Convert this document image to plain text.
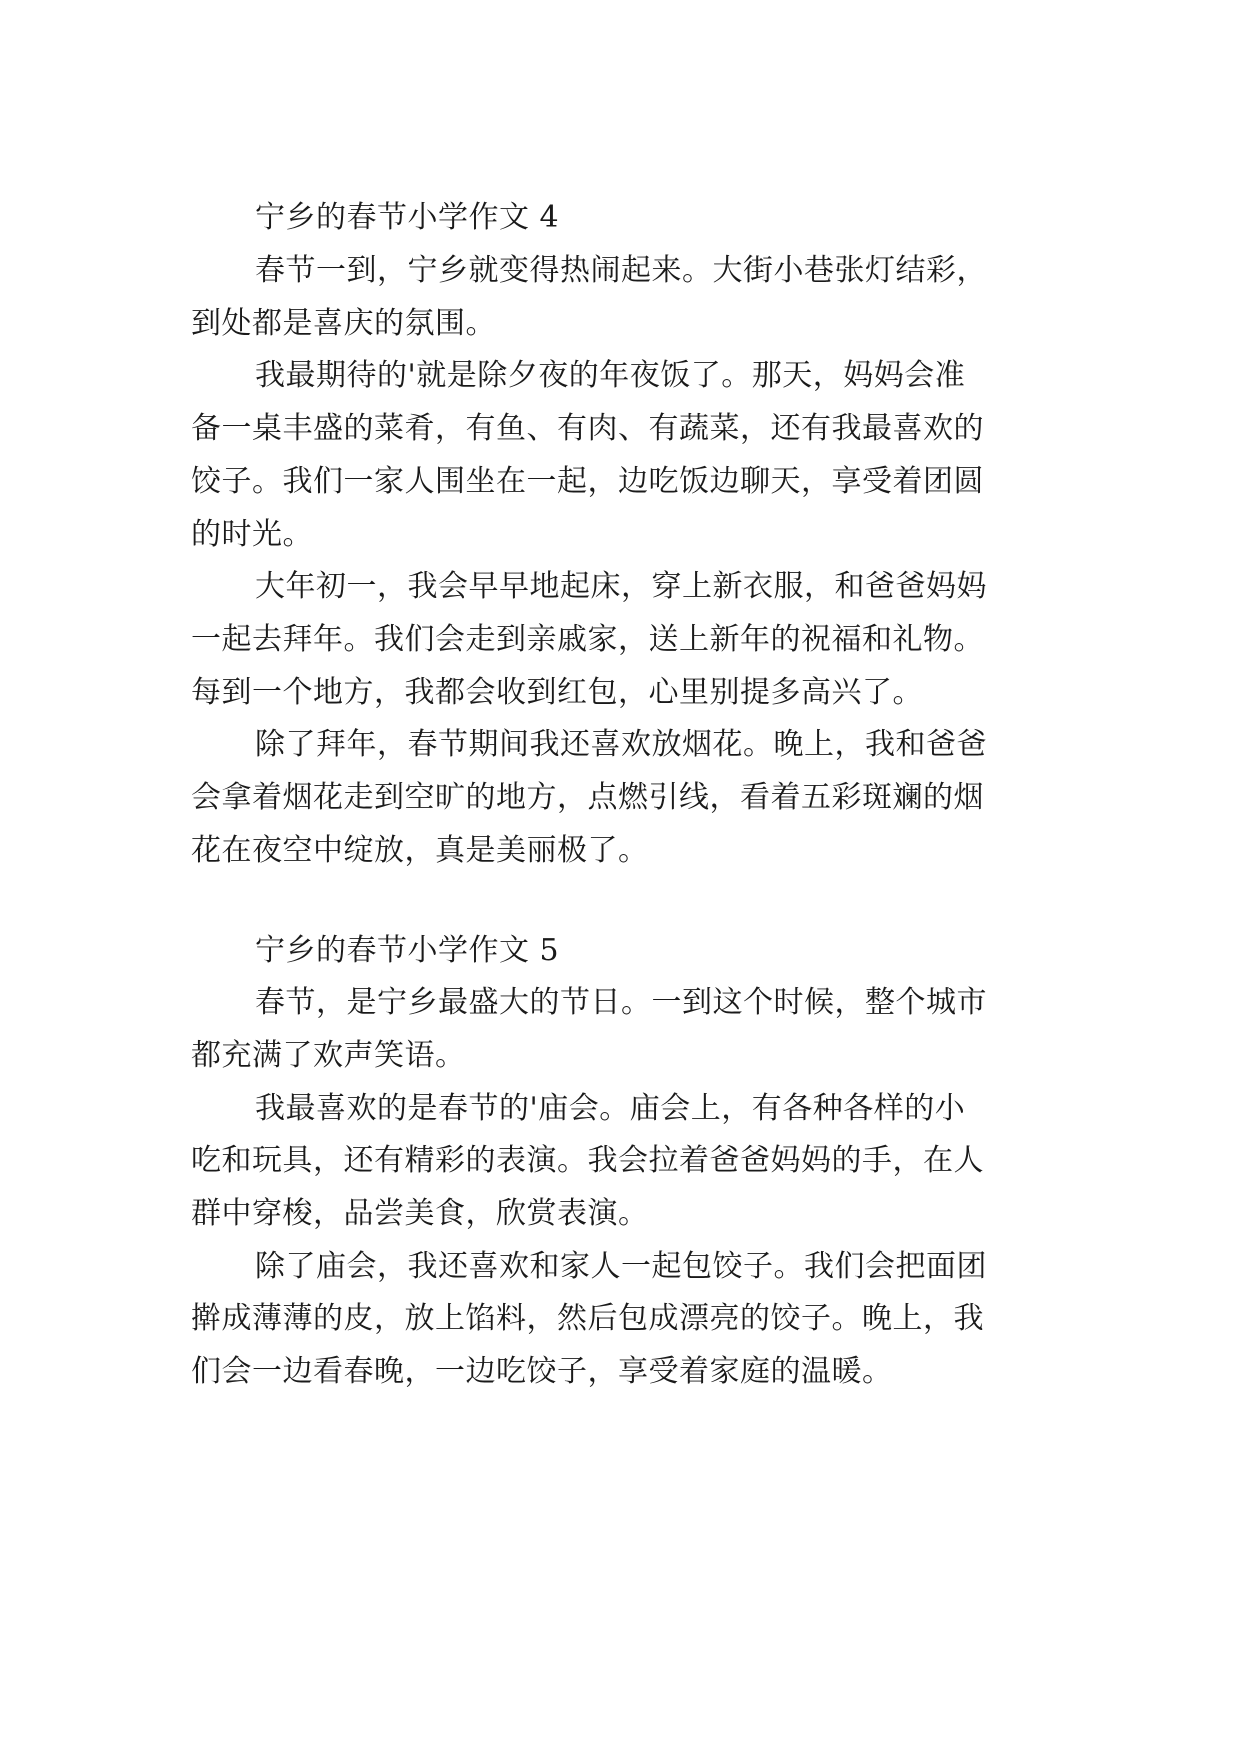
宁乡的春节小学作文 4
春节一到，宁乡就变得热闹起来。大街小巷张灯结彩，
到处都是喜庆的氛围。
我最期待的'就是除夕夜的年夜饭了。那天，妈妈会准
备一桌丰盛的菜肴，有鱼、有肉、有蔬菜，还有我最喜欢的
饺子。我们一家人围坐在一起，边吃饭边聊天，享受着团圆
的时光。
大年初一，我会早早地起床，穿上新衣服，和爸爸妈妈
一起去拜年。我们会走到亲戚家，送上新年的祝福和礼物。
每到一个地方，我都会收到红包，心里别提多高兴了。
除了拜年，春节期间我还喜欢放烟花。晚上，我和爸爸
会拿着烟花走到空旷的地方，点燃引线，看着五彩斑斓的烟
花在夜空中绽放，真是美丽极了。
宁乡的春节小学作文 5
春节，是宁乡最盛大的节日。一到这个时候，整个城市
都充满了欢声笑语。
我最喜欢的是春节的'庙会。庙会上，有各种各样的小
吃和玩具，还有精彩的表演。我会拉着爸爸妈妈的手，在人
群中穿梭，品尝美食，欣赏表演。
除了庙会，我还喜欢和家人一起包饺子。我们会把面团
擀成薄薄的皮，放上馅料，然后包成漂亮的饺子。晚上，我
们会一边看春晚，一边吃饺子，享受着家庭的温暖。
